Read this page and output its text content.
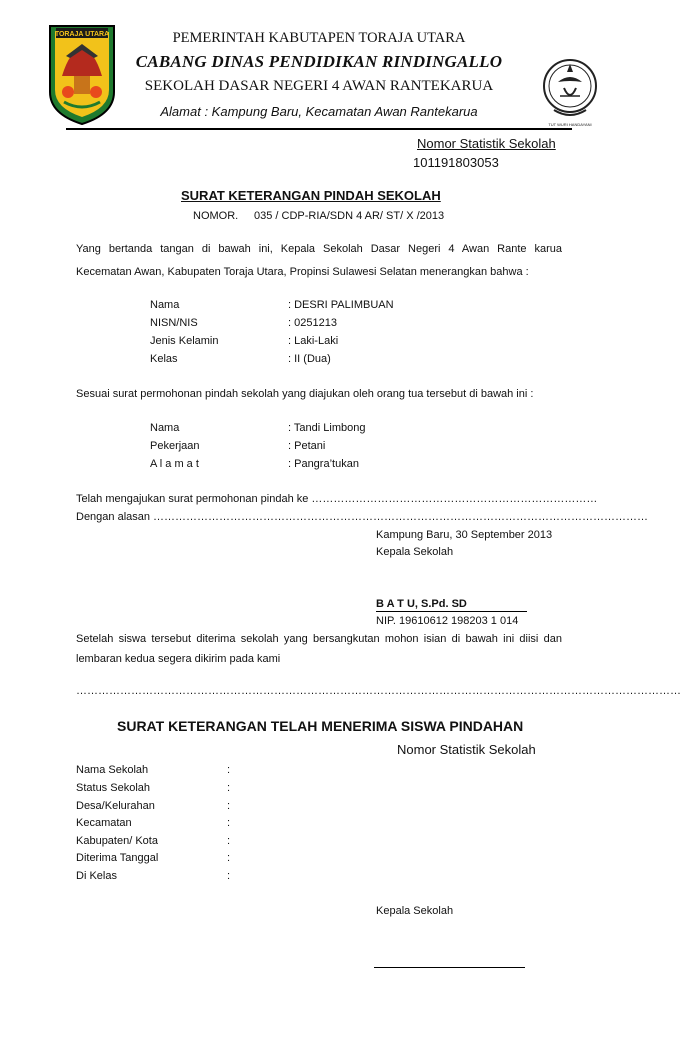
TORAJA UTARA	PEMERINTAH KABUTAPEN TORAJA UTARA
CABANG DINAS PENDIDIKAN RINDINGALLO
SEKOLAH DASAR NEGERI 4 AWAN RANTEKARUA
Alamat : Kampung Baru, Kecamatan Awan Rantekarua
TUT WURI HANDAYANI
Nomor Statistik Sekolah
101191803053
SURAT KETERANGAN PINDAH SEKOLAH
NOMOR. 035 / CDP-RIA/SDN 4 AR/ ST/ X /2013
Yang bertanda tangan di bawah ini, Kepala Sekolah Dasar Negeri 4 Awan Rante karua
Kecematan Awan, Kabupaten Toraja Utara, Propinsi Sulawesi Selatan menerangkan bahwa :
Nama	: DESRI PALIMBUAN
NISN/NIS	: 0251213
Jenis Kelamin	: Laki-Laki
Kelas	: II (Dua)
Sesuai surat permohonan pindah sekolah yang diajukan oleh orang tua tersebut di bawah ini :
Nama	: Tandi Limbong
Pekerjaan	: Petani
A l a m a t	: Pangra’tukan
Telah mengajukan surat permohonan pindah ke ……………………………………………………………………
Dengan alasan ………………………………………………………………………………………………………………………
Kampung Baru, 30 September 2013
Kepala Sekolah
B A T U, S.Pd. SD
NIP. 19610612 198203 1 014
Setelah siswa tersebut diterima sekolah yang bersangkutan mohon isian di bawah ini diisi dan
lembaran kedua segera dikirim pada kami
…………………………………………………………………………………………………………………………………………………
SURAT KETERANGAN TELAH MENERIMA SISWA PINDAHAN
Nomor Statistik Sekolah
Nama Sekolah	:
Status Sekolah	:
Desa/Kelurahan	:
Kecamatan	:
Kabupaten/ Kota	:
Diterima Tanggal	:
Di Kelas	:
Kepala Sekolah
